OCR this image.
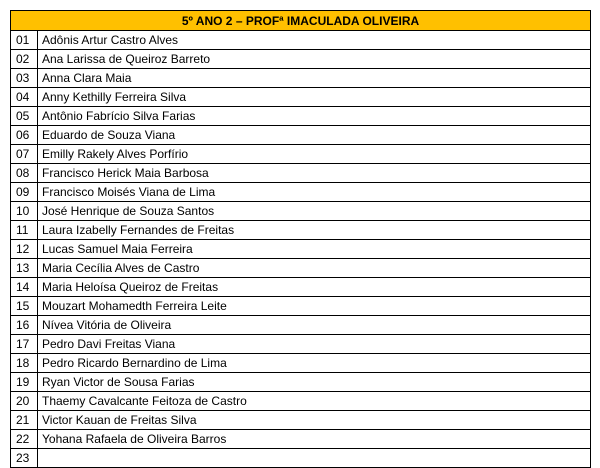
5º ANO 2 – PROFª IMACULADA OLIVEIRA	
01	Adônis Artur Castro Alves
02	Ana Larissa de Queiroz Barreto
03	Anna Clara Maia
04	Anny Kethilly Ferreira Silva
05	Antônio Fabrício Silva Farias
06	Eduardo de Souza Viana
07	Emilly Rakely Alves Porfírio
08	Francisco Herick Maia Barbosa
09	Francisco Moisés Viana de Lima
10	José Henrique de Souza Santos
11	Laura Izabelly Fernandes de Freitas
12	Lucas Samuel Maia Ferreira
13	Maria Cecília Alves de Castro
14	Maria Heloísa Queiroz de Freitas
15	Mouzart Mohamedth Ferreira Leite
16	Nívea Vitória de Oliveira
17	Pedro Davi Freitas Viana
18	Pedro Ricardo Bernardino de Lima
19	Ryan Victor de Sousa Farias
20	Thaemy Cavalcante Feitoza de Castro
21	Victor Kauan de Freitas Silva
22	Yohana Rafaela de Oliveira Barros
23	
